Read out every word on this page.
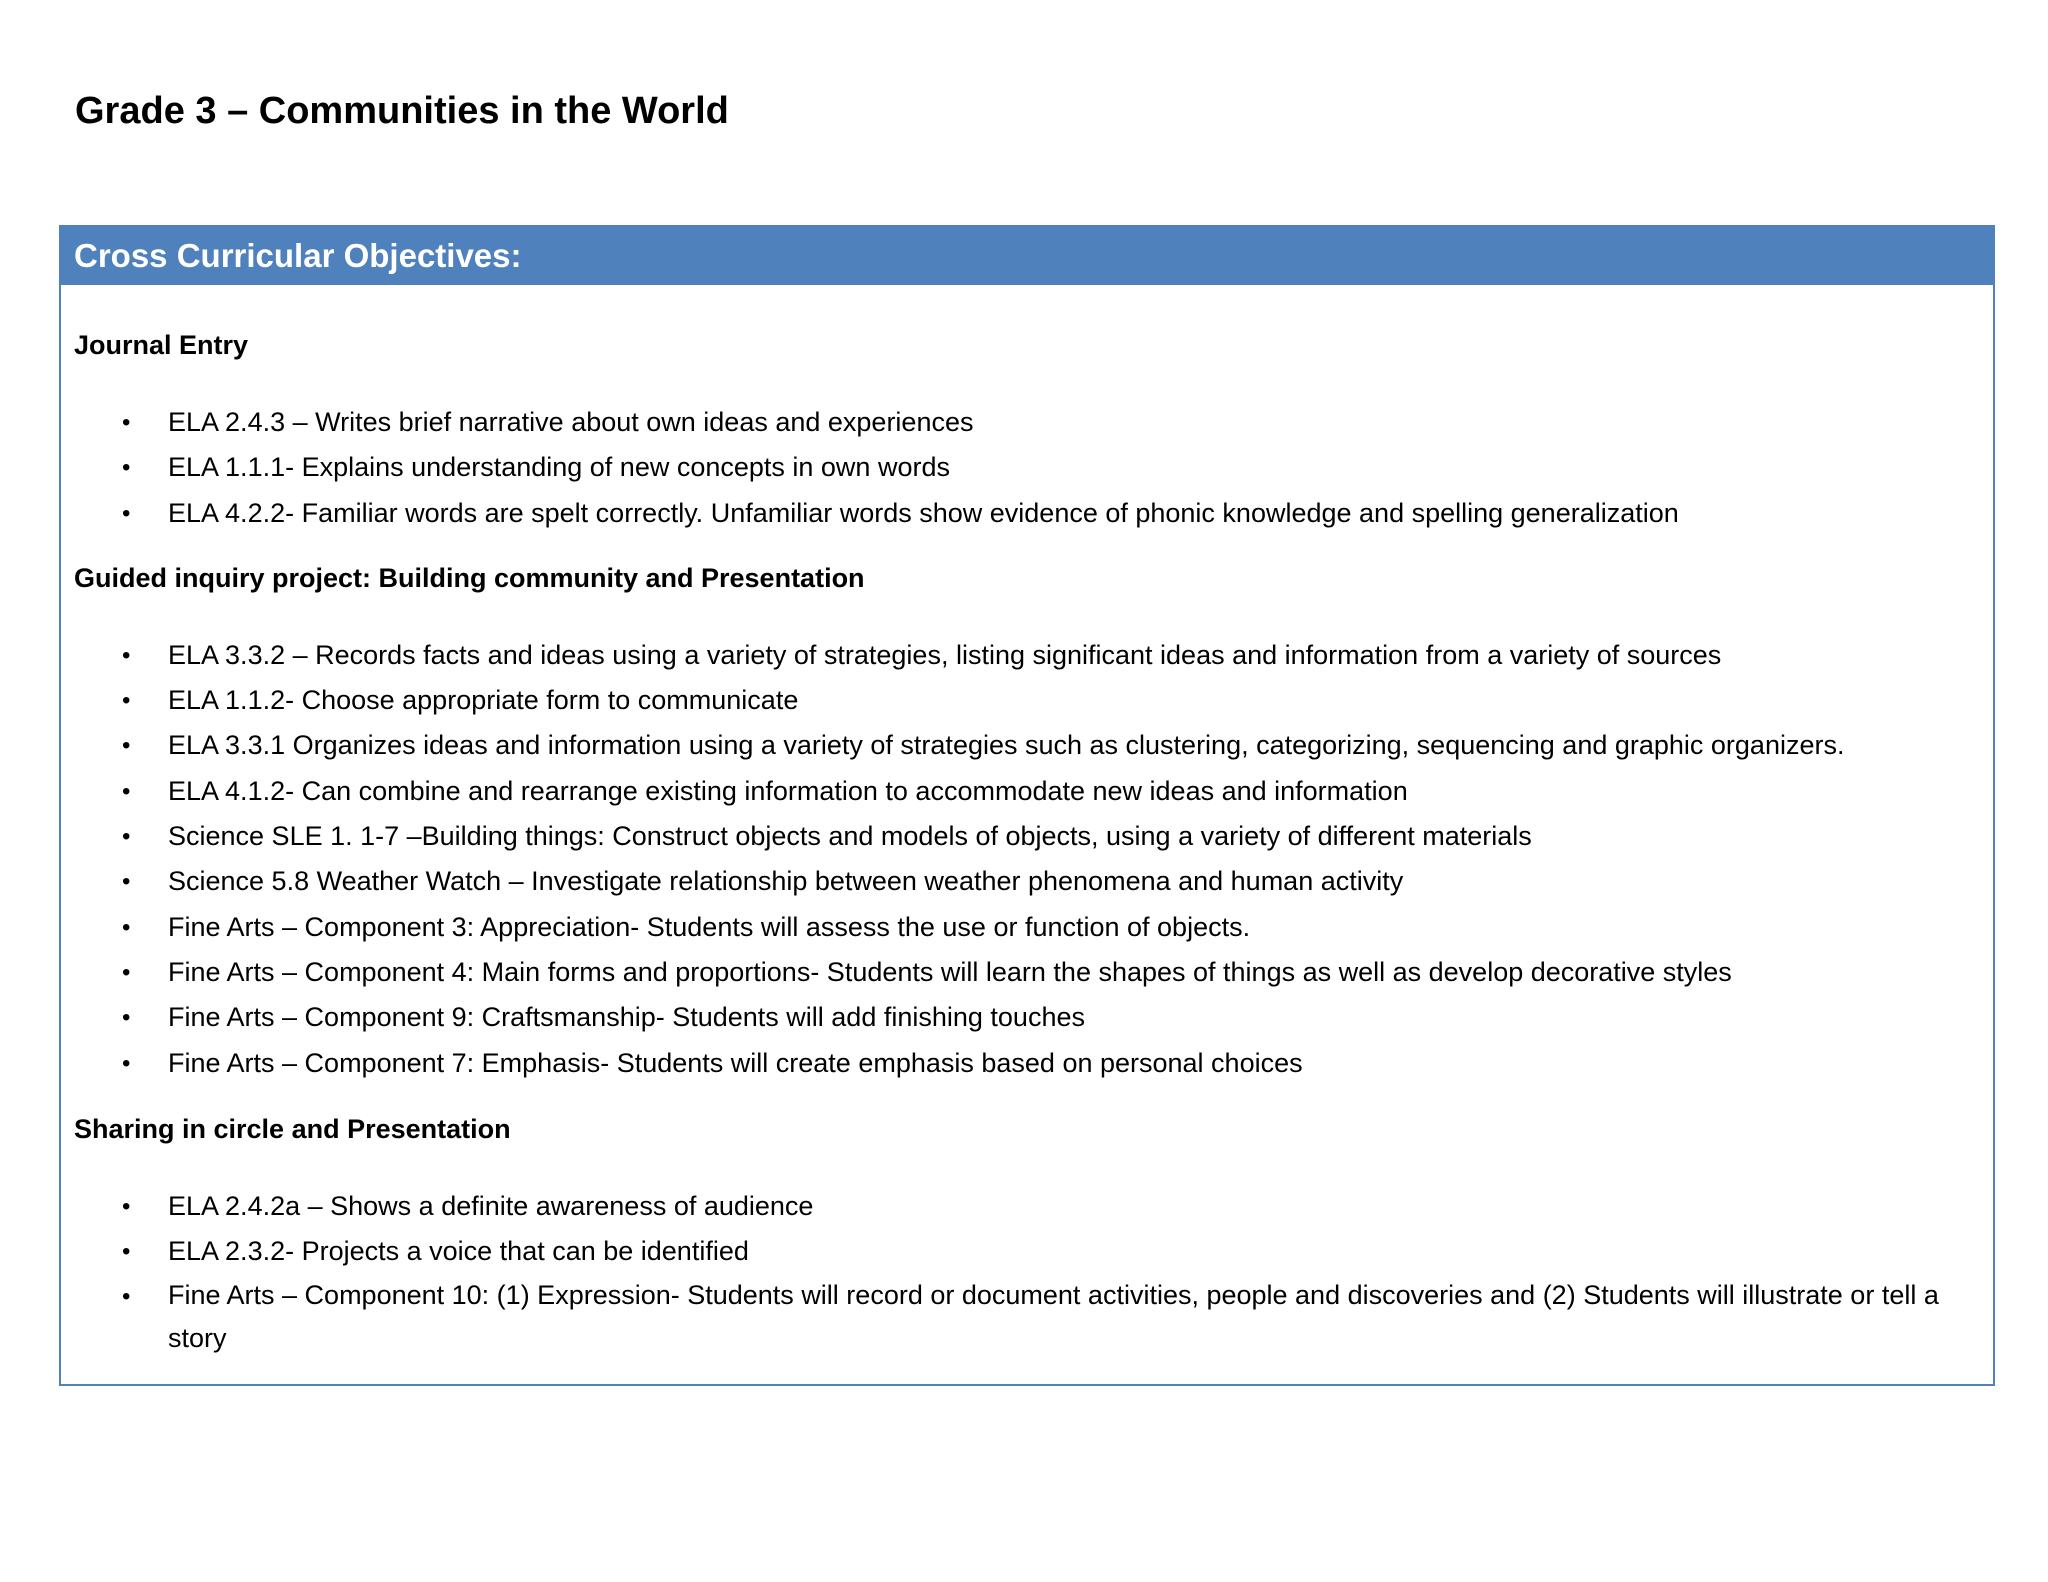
Grade 3 – Communities in the World
Cross Curricular Objectives:

Journal Entry

• ELA 2.4.3 – Writes brief narrative about own ideas and experiences
• ELA 1.1.1- Explains understanding of new concepts in own words
• ELA 4.2.2- Familiar words are spelt correctly. Unfamiliar words show evidence of phonic knowledge and spelling generalization

Guided inquiry project: Building community and Presentation

• ELA 3.3.2 – Records facts and ideas using a variety of strategies, listing significant ideas and information from a variety of sources
• ELA 1.1.2- Choose appropriate form to communicate
• ELA 3.3.1 Organizes ideas and information using a variety of strategies such as clustering, categorizing, sequencing and graphic organizers.
• ELA 4.1.2- Can combine and rearrange existing information to accommodate new ideas and information
• Science SLE 1. 1-7 –Building things: Construct objects and models of objects, using a variety of different materials
• Science 5.8 Weather Watch – Investigate relationship between weather phenomena and human activity
• Fine Arts – Component 3: Appreciation- Students will assess the use or function of objects.
• Fine Arts – Component 4: Main forms and proportions- Students will learn the shapes of things as well as develop decorative styles
• Fine Arts – Component 9: Craftsmanship- Students will add finishing touches
• Fine Arts – Component 7: Emphasis- Students will create emphasis based on personal choices

Sharing in circle and Presentation

• ELA 2.4.2a – Shows a definite awareness of audience
• ELA 2.3.2- Projects a voice that can be identified
• Fine Arts – Component 10: (1) Expression- Students will record or document activities, people and discoveries and (2) Students will illustrate or tell a story
